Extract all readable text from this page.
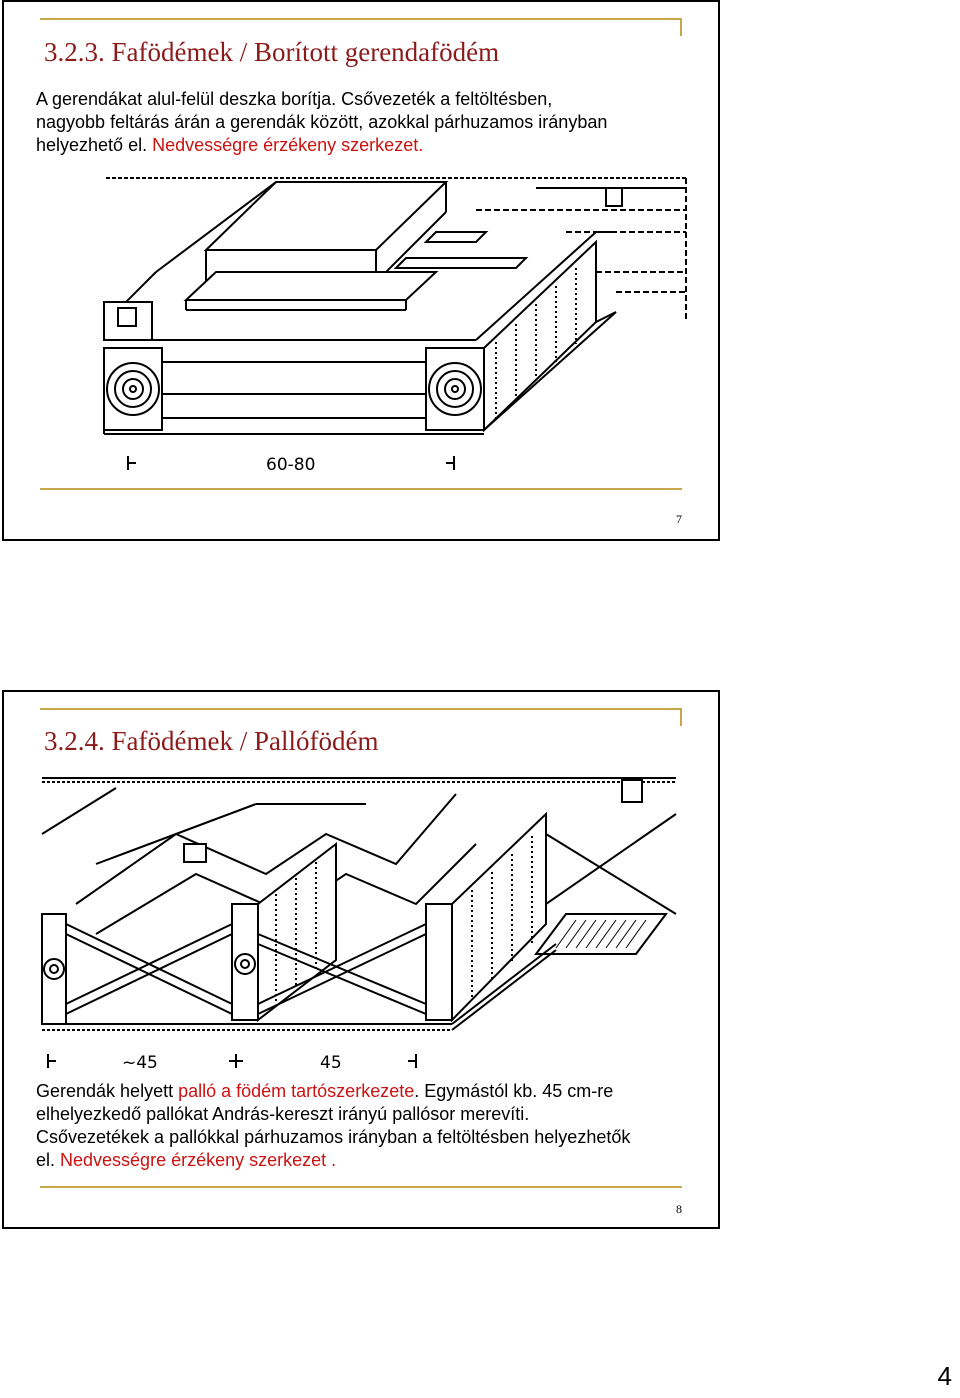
3.2.3. Fafödémek / Borított gerendafödém
A gerendákat alul-felül deszka borítja. Csővezeték a feltöltésben,
nagyobb feltárás árán a gerendák között, azokkal párhuzamos irányban
helyezhető el. Nedvességre érzékeny szerkezet.
60-80
7
3.2.4. Fafödémek / Pallófödém
~45	45
Gerendák helyett palló a födém tartószerkezete. Egymástól kb. 45 cm-re
elhelyezkedő pallókat András-kereszt irányú pallósor merevíti.
Csővezetékek a pallókkal párhuzamos irányban a feltöltésben helyezhetők
el. Nedvességre érzékeny szerkezet .
8
4
